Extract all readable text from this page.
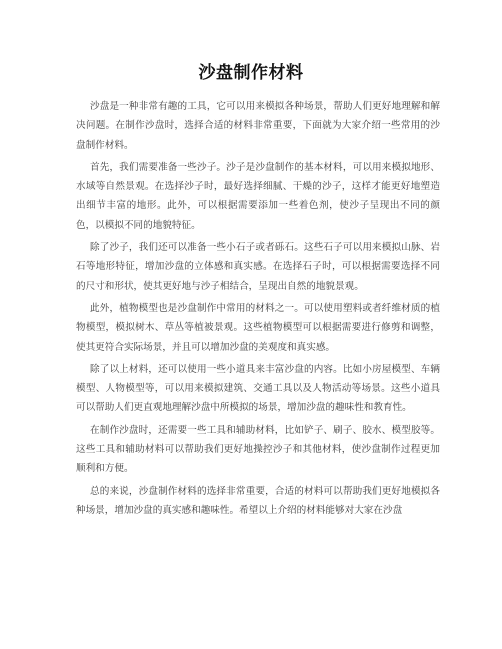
沙盘制作材料

沙盘是一种非常有趣的工具，它可以用来模拟各种场景，帮助人们更好地理解和解决问题。在制作沙盘时，选择合适的材料非常重要，下面就为大家介绍一些常用的沙盘制作材料。

首先，我们需要准备一些沙子。沙子是沙盘制作的基本材料，可以用来模拟地形、水域等自然景观。在选择沙子时，最好选择细腻、干燥的沙子，这样才能更好地塑造出细节丰富的地形。此外，可以根据需要添加一些着色剂，使沙子呈现出不同的颜色，以模拟不同的地貌特征。

除了沙子，我们还可以准备一些小石子或者砾石。这些石子可以用来模拟山脉、岩石等地形特征，增加沙盘的立体感和真实感。在选择石子时，可以根据需要选择不同的尺寸和形状，使其更好地与沙子相结合，呈现出自然的地貌景观。

此外，植物模型也是沙盘制作中常用的材料之一。可以使用塑料或者纤维材质的植物模型，模拟树木、草丛等植被景观。这些植物模型可以根据需要进行修剪和调整，使其更符合实际场景，并且可以增加沙盘的美观度和真实感。

除了以上材料，还可以使用一些小道具来丰富沙盘的内容。比如小房屋模型、车辆模型、人物模型等，可以用来模拟建筑、交通工具以及人物活动等场景。这些小道具可以帮助人们更直观地理解沙盘中所模拟的场景，增加沙盘的趣味性和教育性。

在制作沙盘时，还需要一些工具和辅助材料，比如铲子、刷子、胶水、模型胶等。这些工具和辅助材料可以帮助我们更好地操控沙子和其他材料，使沙盘制作过程更加顺利和方便。

总的来说，沙盘制作材料的选择非常重要，合适的材料可以帮助我们更好地模拟各种场景，增加沙盘的真实感和趣味性。希望以上介绍的材料能够对大家在沙盘
